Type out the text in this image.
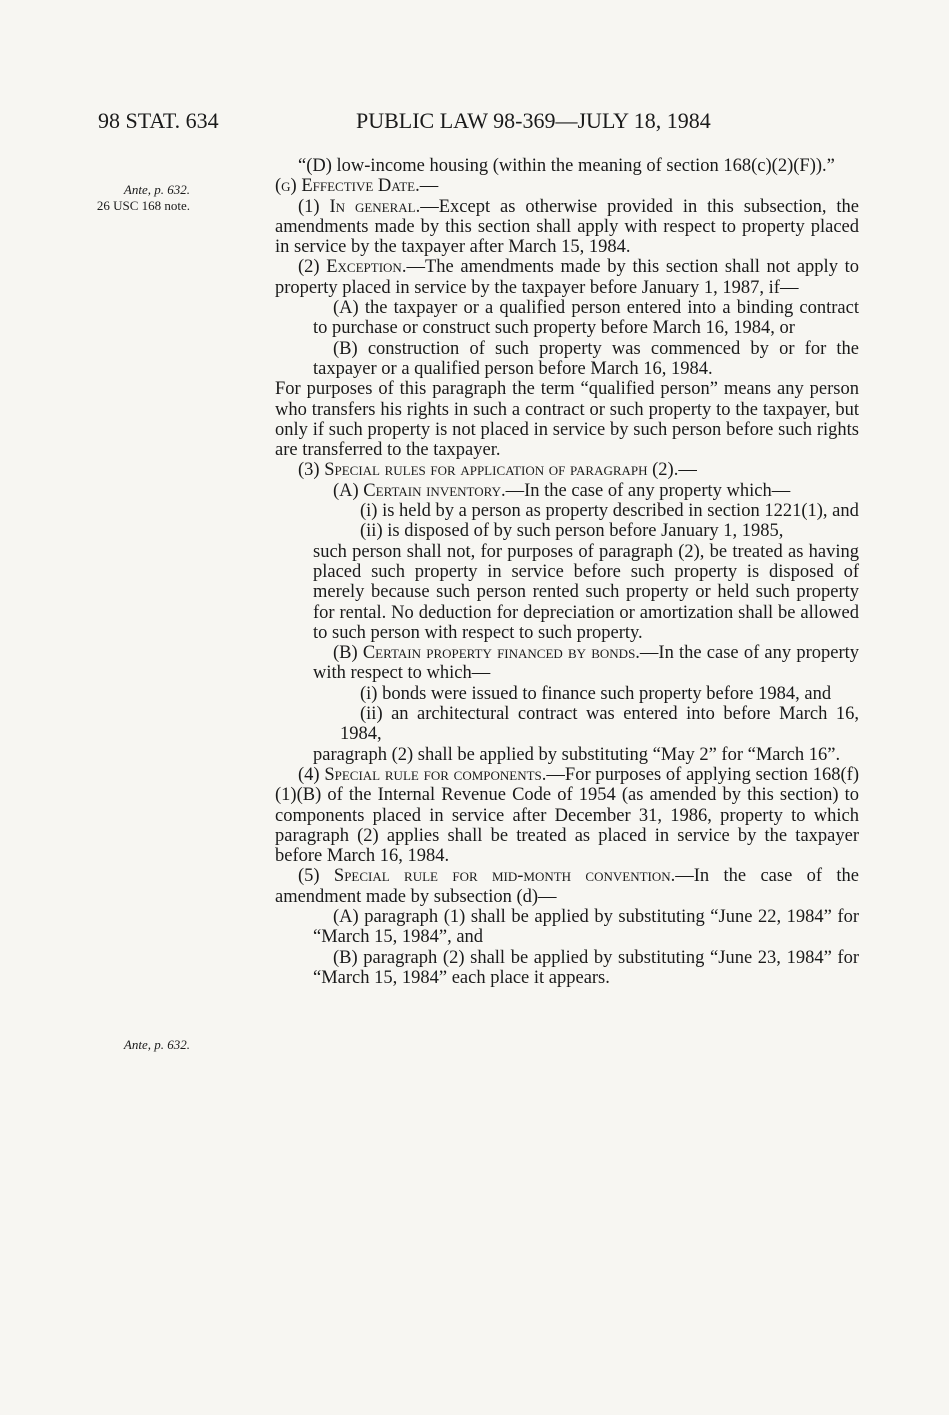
98 STAT. 634	PUBLIC LAW 98-369—JULY 18, 1984
Ante, p. 632.
26 USC 168 note.
Ante, p. 632.

“(D) low-income housing (within the meaning of section 168(c)(2)(F)).”

(g) Effective Date.—

(1) In general.—Except as otherwise provided in this subsection, the amendments made by this section shall apply with respect to property placed in service by the taxpayer after March 15, 1984.

(2) Exception.—The amendments made by this section shall not apply to property placed in service by the taxpayer before January 1, 1987, if—

(A) the taxpayer or a qualified person entered into a binding contract to purchase or construct such property before March 16, 1984, or

(B) construction of such property was commenced by or for the taxpayer or a qualified person before March 16, 1984.

For purposes of this paragraph the term “qualified person” means any person who transfers his rights in such a contract or such property to the taxpayer, but only if such property is not placed in service by such person before such rights are transferred to the taxpayer.

(3) Special rules for application of paragraph (2).—

(A) Certain inventory.—In the case of any property which—

(i) is held by a person as property described in section 1221(1), and

(ii) is disposed of by such person before January 1, 1985,

such person shall not, for purposes of paragraph (2), be treated as having placed such property in service before such property is disposed of merely because such person rented such property or held such property for rental. No deduction for depreciation or amortization shall be allowed to such person with respect to such property.

(B) Certain property financed by bonds.—In the case of any property with respect to which—

(i) bonds were issued to finance such property before 1984, and

(ii) an architectural contract was entered into before March 16, 1984,

paragraph (2) shall be applied by substituting “May 2” for “March 16”.

(4) Special rule for components.—For purposes of applying section 168(f)(1)(B) of the Internal Revenue Code of 1954 (as amended by this section) to components placed in service after December 31, 1986, property to which paragraph (2) applies shall be treated as placed in service by the taxpayer before March 16, 1984.

(5) Special rule for mid-month convention.—In the case of the amendment made by subsection (d)—

(A) paragraph (1) shall be applied by substituting “June 22, 1984” for “March 15, 1984”, and

(B) paragraph (2) shall be applied by substituting “June 23, 1984” for “March 15, 1984” each place it appears.
